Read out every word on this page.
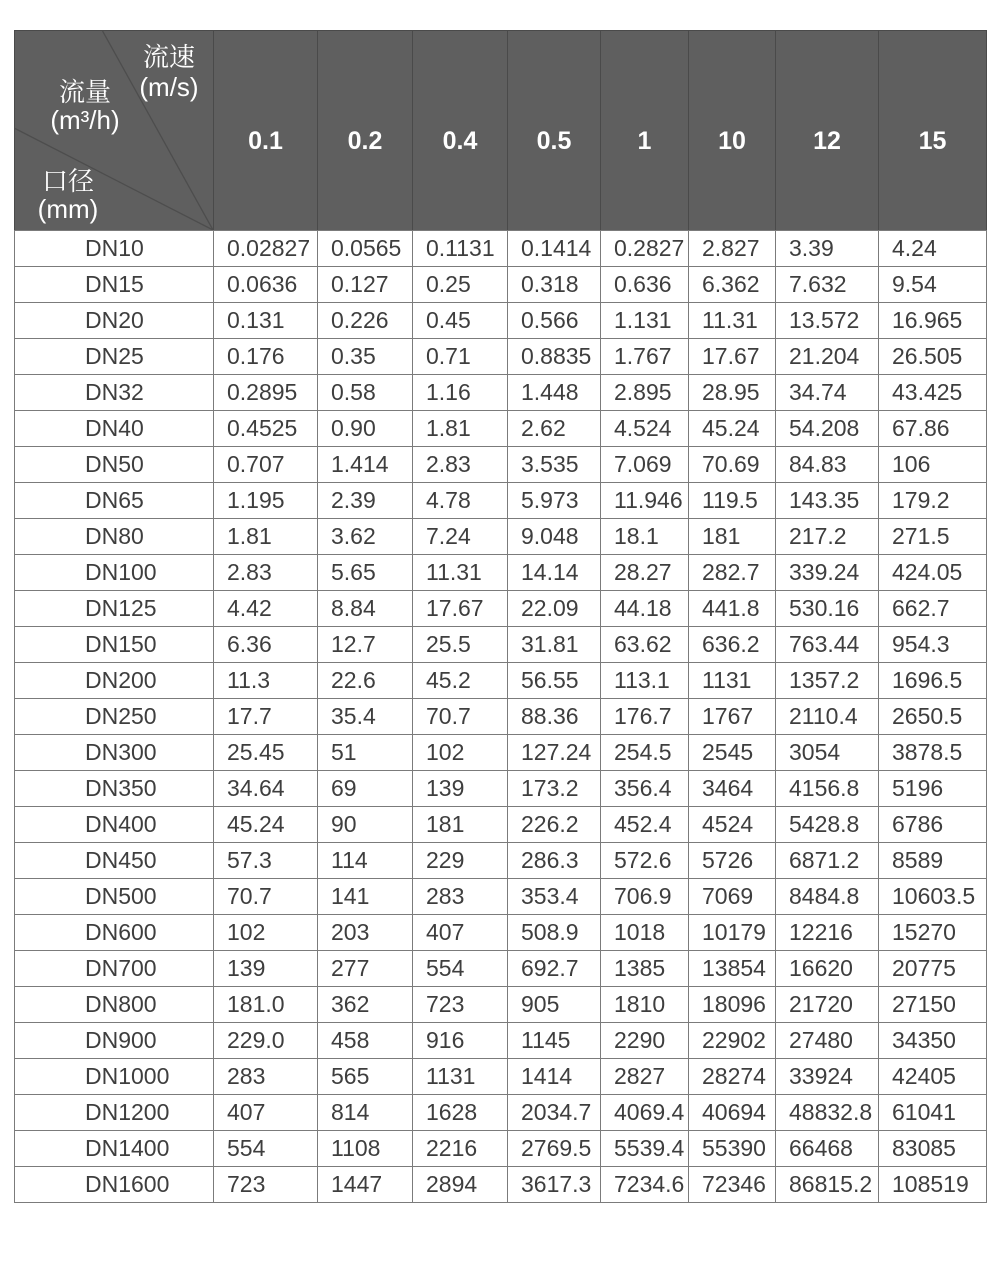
流速
(m/s)
流量
(m³/h)
口径
(mm)
	0.1	0.2	0.4	0.5	1	10	12	15
DN10	0.02827	0.0565	0.1131	0.1414	0.2827	2.827	3.39	4.24
DN15	0.0636	0.127	0.25	0.318	0.636	6.362	7.632	9.54
DN20	0.131	0.226	0.45	0.566	1.131	11.31	13.572	16.965
DN25	0.176	0.35	0.71	0.8835	1.767	17.67	21.204	26.505
DN32	0.2895	0.58	1.16	1.448	2.895	28.95	34.74	43.425
DN40	0.4525	0.90	1.81	2.62	4.524	45.24	54.208	67.86
DN50	0.707	1.414	2.83	3.535	7.069	70.69	84.83	106
DN65	1.195	2.39	4.78	5.973	11.946	119.5	143.35	179.2
DN80	1.81	3.62	7.24	9.048	18.1	181	217.2	271.5
DN100	2.83	5.65	11.31	14.14	28.27	282.7	339.24	424.05
DN125	4.42	8.84	17.67	22.09	44.18	441.8	530.16	662.7
DN150	6.36	12.7	25.5	31.81	63.62	636.2	763.44	954.3
DN200	11.3	22.6	45.2	56.55	113.1	1131	1357.2	1696.5
DN250	17.7	35.4	70.7	88.36	176.7	1767	2110.4	2650.5
DN300	25.45	51	102	127.24	254.5	2545	3054	3878.5
DN350	34.64	69	139	173.2	356.4	3464	4156.8	5196
DN400	45.24	90	181	226.2	452.4	4524	5428.8	6786
DN450	57.3	114	229	286.3	572.6	5726	6871.2	8589
DN500	70.7	141	283	353.4	706.9	7069	8484.8	10603.5
DN600	102	203	407	508.9	1018	10179	12216	15270
DN700	139	277	554	692.7	1385	13854	16620	20775
DN800	181.0	362	723	905	1810	18096	21720	27150
DN900	229.0	458	916	1145	2290	22902	27480	34350
DN1000	283	565	1131	1414	2827	28274	33924	42405
DN1200	407	814	1628	2034.7	4069.4	40694	48832.8	61041
DN1400	554	1108	2216	2769.5	5539.4	55390	66468	83085
DN1600	723	1447	2894	3617.3	7234.6	72346	86815.2	108519
